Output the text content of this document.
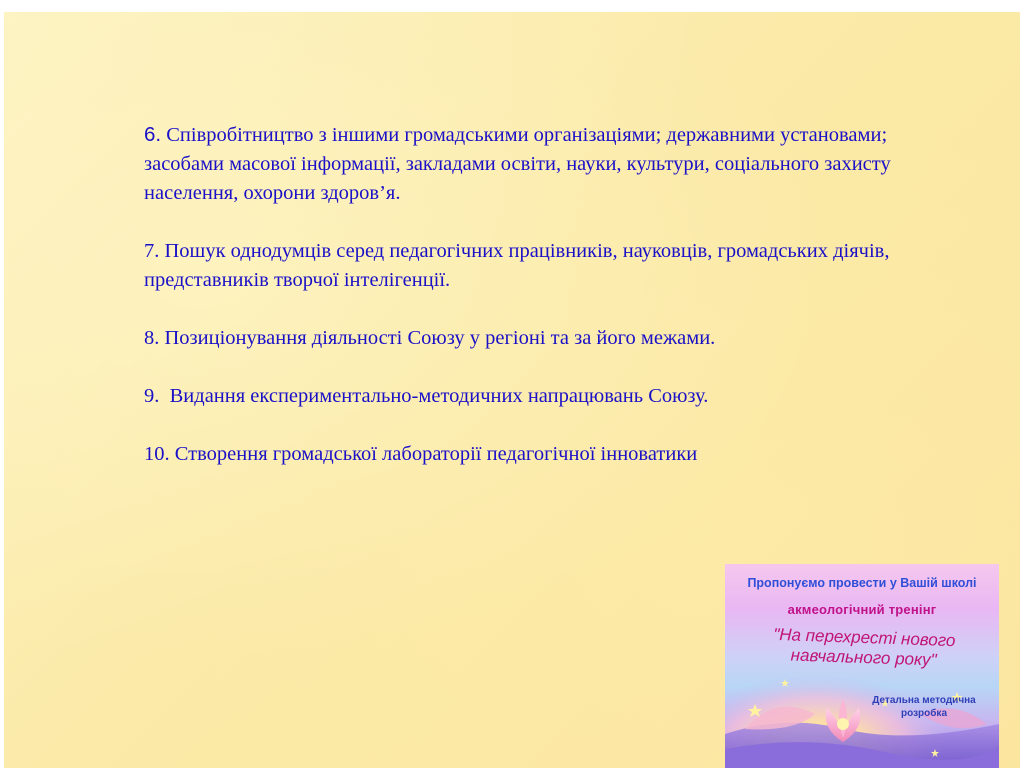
6. Співробітництво з іншими громадськими організаціями; державними установами; засобами масової інформації, закладами освіти, науки, культури, соціального захисту населення, охорони здоров’я.

7. Пошук однодумців серед педагогічних працівників, науковців, громадських діячів, представників творчої інтелігенції.

8. Позиціонування діяльності Союзу у регіоні та за його межами.

9.  Видання експериментально-методичних напрацювань Союзу.

10. Створення громадської лабораторії педагогічної інноватики

Пропонуємо провести у Вашій школі
акмеологічний тренінг
"На перехресті нового
навчального року"
Детальна методична
розробка
